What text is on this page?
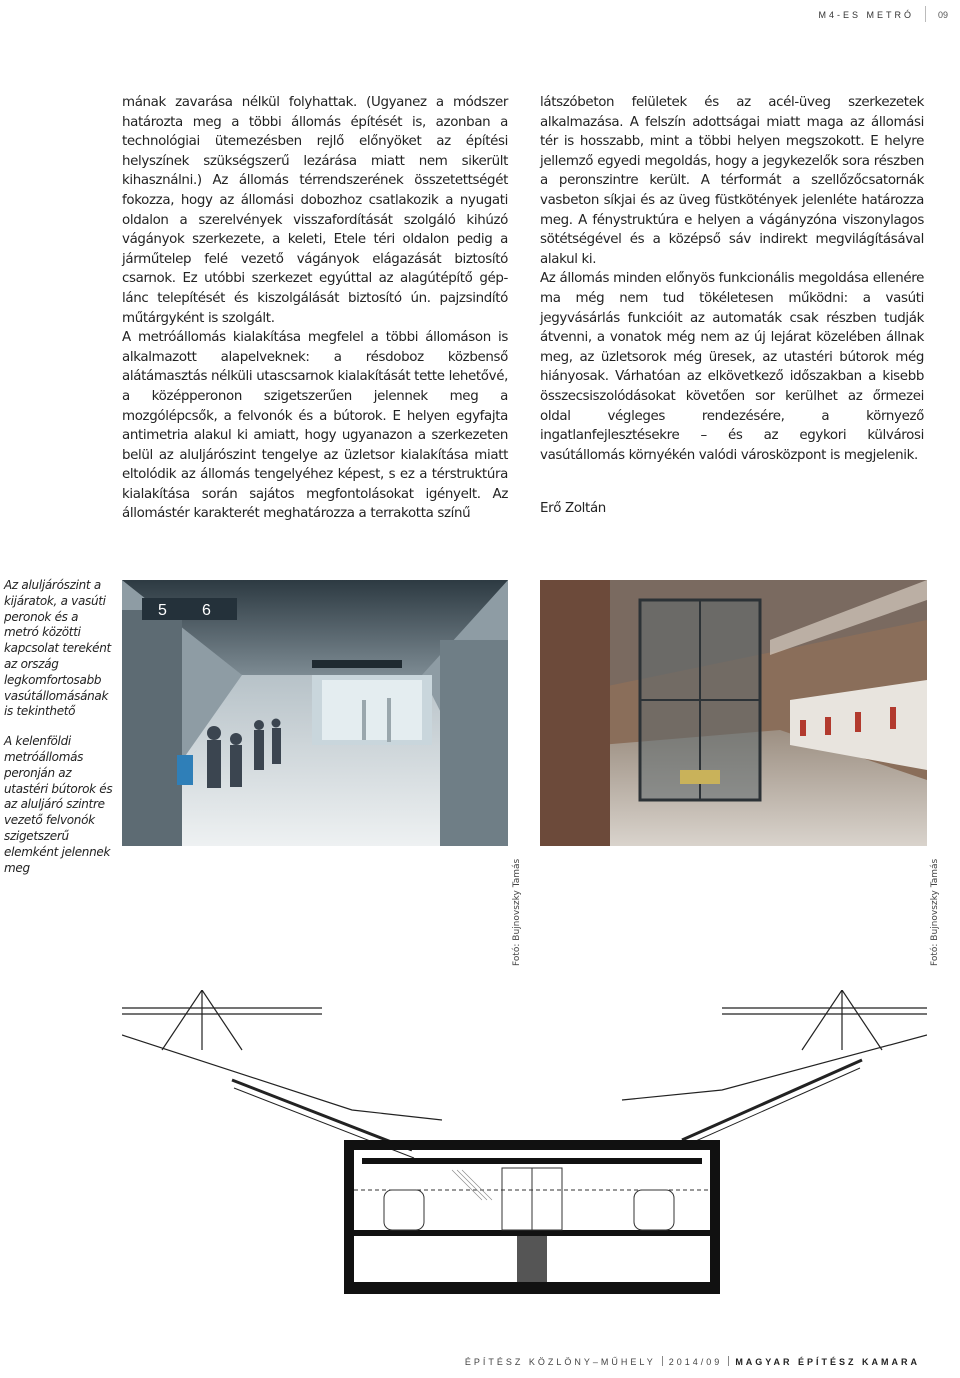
M4-ES METRÓ	09

mának zavarása nélkül folyhattak. (Ugyanez a módszer határozta meg a többi állomás építését is, azonban a technológiai ütemezésben rejlő előnyöket az építési helyszínek szükségszerű lezárása miatt nem sikerült kihasználni.) Az állomás térrendszerének összetettségét fokozza, hogy az állomási dobozhoz csatlakozik a nyugati oldalon a szerelvények visszafordítását szolgáló kihúzó vágányok szerkezete, a keleti, Etele téri oldalon pedig a járműtelep felé vezető vágányok elágazását biztosító csarnok. Ez utóbbi szerkezet egyúttal az alagútépítő gép-lánc telepítését és kiszolgálását biztosító ún. pajzsindító műtárgyként is szolgált.

A metróállomás kialakítása megfelel a többi állomáson is alkalmazott alapelveknek: a résdoboz közbenső alátámasztás nélküli utascsarnok kialakítását tette lehetővé, a középperonon szigetszerűen jelennek meg a mozgólépcsők, a felvonók és a bútorok. E helyen egyfajta antimetria alakul ki amiatt, hogy ugyanazon a szerkezeten belül az aluljárószint tengelye az üzletsor kialakítása miatt eltolódik az állomás tengelyéhez képest, s ez a térstruktúra kialakítása során sajátos megfontolásokat igényelt. Az állomástér karakterét meghatározza a terrakotta színű

látszóbeton felületek és az acél-üveg szerkezetek alkalmazása. A felszín adottságai miatt maga az állomási tér is hosszabb, mint a többi helyen megszokott. E helyre jellemző egyedi megoldás, hogy a jegykezelők sora részben a peronszintre került. A térformát a szellőzőcsatornák vasbeton síkjai és az üveg füstkötények jelenléte határozza meg. A fénystruktúra e helyen a vágányzóna viszonylagos sötétségével és a középső sáv indirekt megvilágításával alakul ki.

Az állomás minden előnyös funkcionális megoldása ellenére ma még nem tud tökéletesen működni: a vasúti jegyvásárlás funkcióit az automaták csak részben tudják átvenni, a vonatok még nem az új lejárat közelében állnak meg, az üzletsorok még üresek, az utastéri bútorok még hiányosak. Várhatóan az elkövetkező időszakban a kisebb összecsiszolódásokat követően sor kerülhet az őrmezei oldal végleges rendezésére, a környező ingatlanfejlesztésekre – és az egykori külvárosi vasútállomás környékén valódi városközpont is megjelenik.

Erő Zoltán

Az aluljárószint a kijáratok, a vasúti peronok és a metró közötti kapcsolat tereként az ország legkomfortosabb vasútállomásának is tekinthető

A kelenföldi metróállomás peronján az utastéri bútorok és az aluljáró szintre vezető felvonók szigetszerű elemként jelennek meg

5 6
Fotó: Bujnovszky Tamás	Fotó: Bujnovszky Tamás
ÉPÍTÉSZ KÖZLÖNY–MŰHELY 2014/09 MAGYAR ÉPÍTÉSZ KAMARA
